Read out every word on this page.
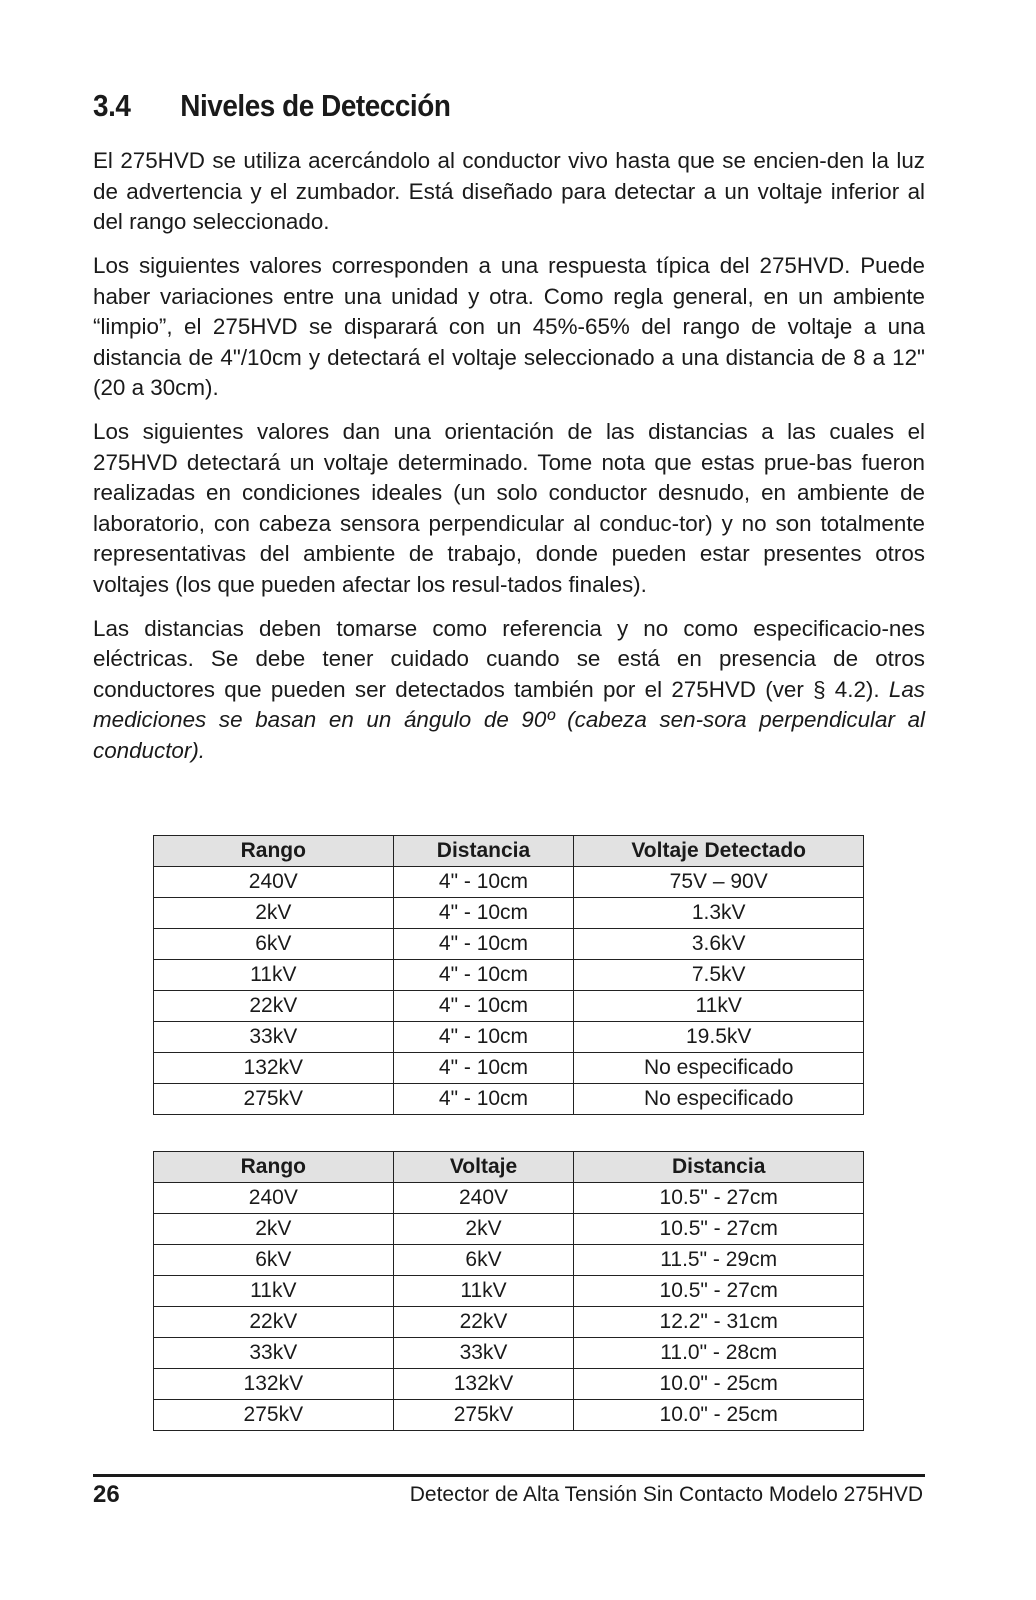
3.4 Niveles de Detección

El 275HVD se utiliza acercándolo al conductor vivo hasta que se encien-den la luz de advertencia y el zumbador. Está diseñado para detectar a un voltaje inferior al del rango seleccionado.

Los siguientes valores corresponden a una respuesta típica del 275HVD. Puede haber variaciones entre una unidad y otra. Como regla general, en un ambiente “limpio”, el 275HVD se disparará con un 45%-65% del rango de voltaje a una distancia de 4"/10cm y detectará el voltaje seleccionado a una distancia de 8 a 12" (20 a 30cm).

Los siguientes valores dan una orientación de las distancias a las cuales el 275HVD detectará un voltaje determinado. Tome nota que estas prue-bas fueron realizadas en condiciones ideales (un solo conductor desnudo, en ambiente de laboratorio, con cabeza sensora perpendicular al conduc-tor) y no son totalmente representativas del ambiente de trabajo, donde pueden estar presentes otros voltajes (los que pueden afectar los resul-tados finales).

Las distancias deben tomarse como referencia y no como especificacio-nes eléctricas. Se debe tener cuidado cuando se está en presencia de otros conductores que pueden ser detectados también por el 275HVD (ver § 4.2). Las mediciones se basan en un ángulo de 90º (cabeza sen-sora perpendicular al conductor).

Rango	Distancia	Voltaje Detectado
240V	4" - 10cm	75V – 90V
2kV	4" - 10cm	1.3kV
6kV	4" - 10cm	3.6kV
11kV	4" - 10cm	7.5kV
22kV	4" - 10cm	11kV
33kV	4" - 10cm	19.5kV
132kV	4" - 10cm	No especificado
275kV	4" - 10cm	No especificado
Rango	Voltaje	Distancia
240V	240V	10.5" - 27cm
2kV	2kV	10.5" - 27cm
6kV	6kV	11.5" - 29cm
11kV	11kV	10.5" - 27cm
22kV	22kV	12.2" - 31cm
33kV	33kV	11.0" - 28cm
132kV	132kV	10.0" - 25cm
275kV	275kV	10.0" - 25cm
26	Detector de Alta Tensión Sin Contacto Modelo 275HVD
